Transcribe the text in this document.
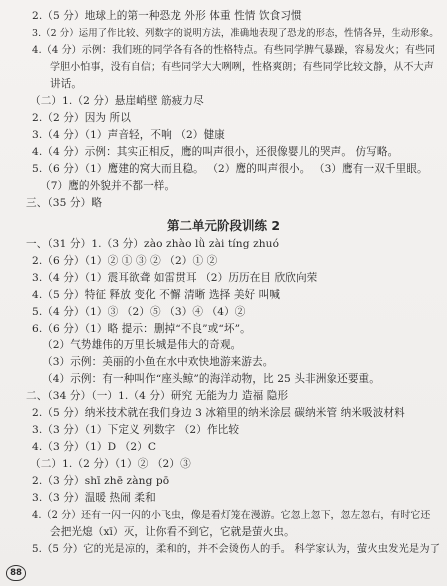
2.（5 分）地球上的第一种恐龙 外形 体重 性情 饮食习惯
3.（2 分）运用了作比较、列数字的说明方法，准确地表现了恐龙的形态，性情各异，生动形象。
4.（4 分）示例：我们班的同学各有各的性格特点。有些同学脾气暴躁，容易发火；有些同
学胆小怕事，没有自信；有些同学大大咧咧，性格爽朗；有些同学比较文静，从不大声
讲话。
（二）1.（2 分）悬崖峭壁 筋疲力尽
2.（2 分）因为 所以
3.（4 分）（1）声音轻，不响 （2）健康
4.（4 分）示例：其实正相反，鹰的叫声很小，还很像婴儿的哭声。 仿写略。
5.（6 分）（1）鹰建的窝大而且稳。 （2）鹰的叫声很小。 （3）鹰有一双千里眼。
（7）鹰的外貌并不都一样。
三、（35 分）略
第二单元阶段训练 2
一、（31 分）1.（3 分）zào zhào lǜ zài tíng zhuó
2.（6 分）（1）② ① ③ ② （2）① ②
3.（4 分）（1）震耳欲聋 如雷贯耳 （2）历历在目 欣欣向荣
4.（5 分）特征 释放 变化 不懈 清晰 选择 美好 叫喊
5.（4 分）（1）③ （2）⑤ （3）④ （4）②
6.（6 分）（1）略 提示：删掉“不良”或“坏”。
（2）气势雄伟的万里长城是伟大的奇观。
（3）示例：美丽的小鱼在水中欢快地游来游去。
（4）示例：有一种叫作“座头鲸”的海洋动物，比 25 头非洲象还要重。
二、（34 分）（一）1.（4 分）研究 无能为力 造福 隐形
2.（5 分）纳米技术就在我们身边 3 冰箱里的纳米涂层 碳纳米管 纳米吸波材料
3.（3 分）（1）下定义 列数字 （2）作比较
4.（3 分）（1）D （2）C
（二）1.（2 分）（1）② （2）③
2.（3 分）shī zhē zàng pō
3.（3 分）温暖 热闹 柔和
4.（2 分）还有一闪一闪的小飞虫，像是看灯笼在漫游。它忽上忽下，忽左忽右，有时它还
会把光熄（xī）灭，让你看不到它，它就是萤火虫。
5.（5 分）它的光是凉的，柔和的，并不会烫伤人的手。 科学家认为，萤火虫发光是为了
88
